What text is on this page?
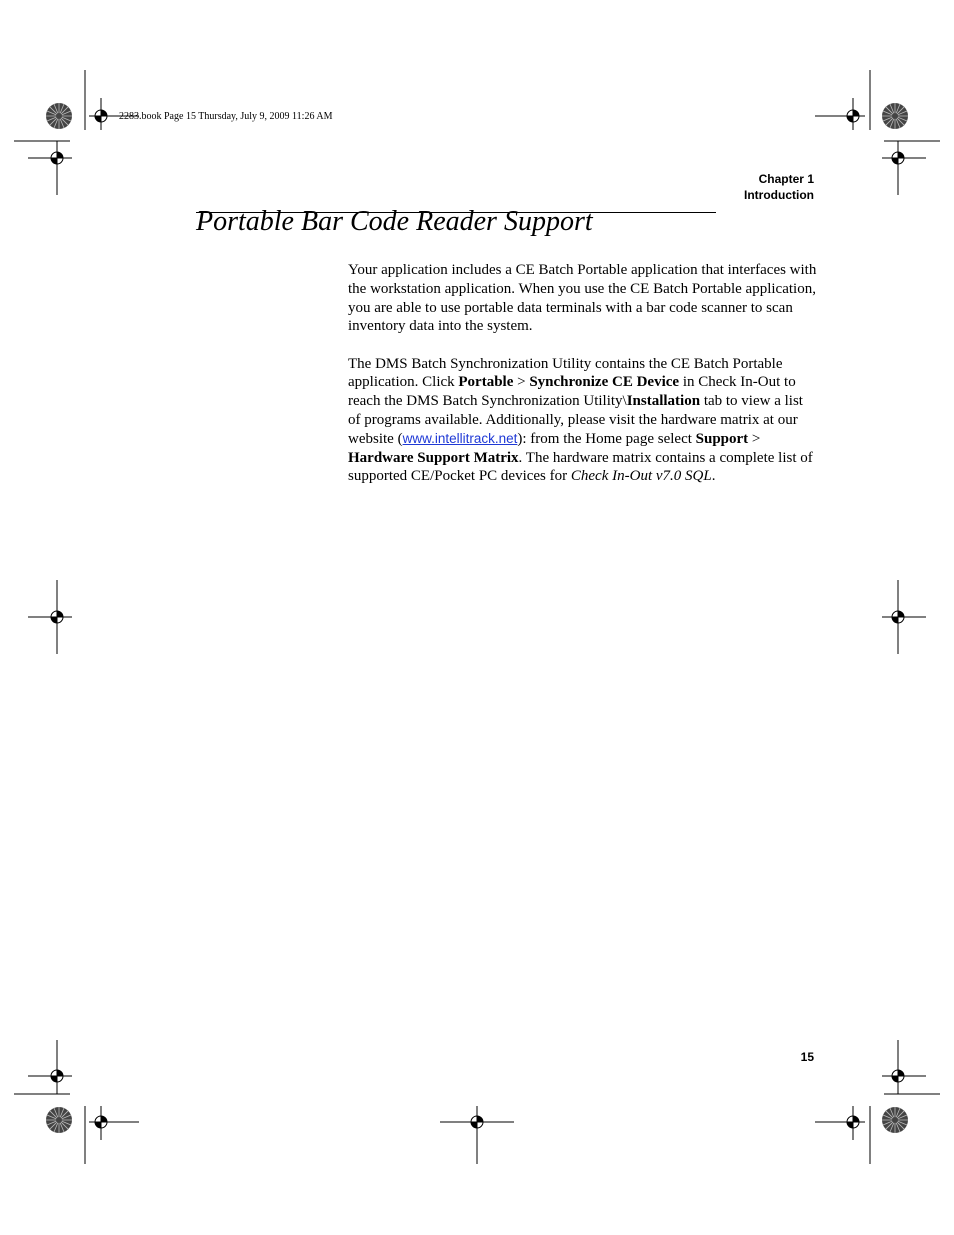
2283.book Page 15 Thursday, July 9, 2009 11:26 AM
Chapter 1
Introduction
Portable Bar Code Reader Support

Your application includes a CE Batch Portable application that interfaces with the workstation application. When you use the CE Batch Portable application, you are able to use portable data terminals with a bar code scanner to scan inventory data into the system.

The DMS Batch Synchronization Utility contains the CE Batch Portable application. Click Portable > Synchronize CE Device in Check In-Out to reach the DMS Batch Synchronization Utility\Installation tab to view a list of programs available. Additionally, please visit the hardware matrix at our website (www.intellitrack.net): from the Home page select Support > Hardware Support Matrix. The hardware matrix contains a complete list of supported CE/Pocket PC devices for Check In-Out v7.0 SQL.

15
